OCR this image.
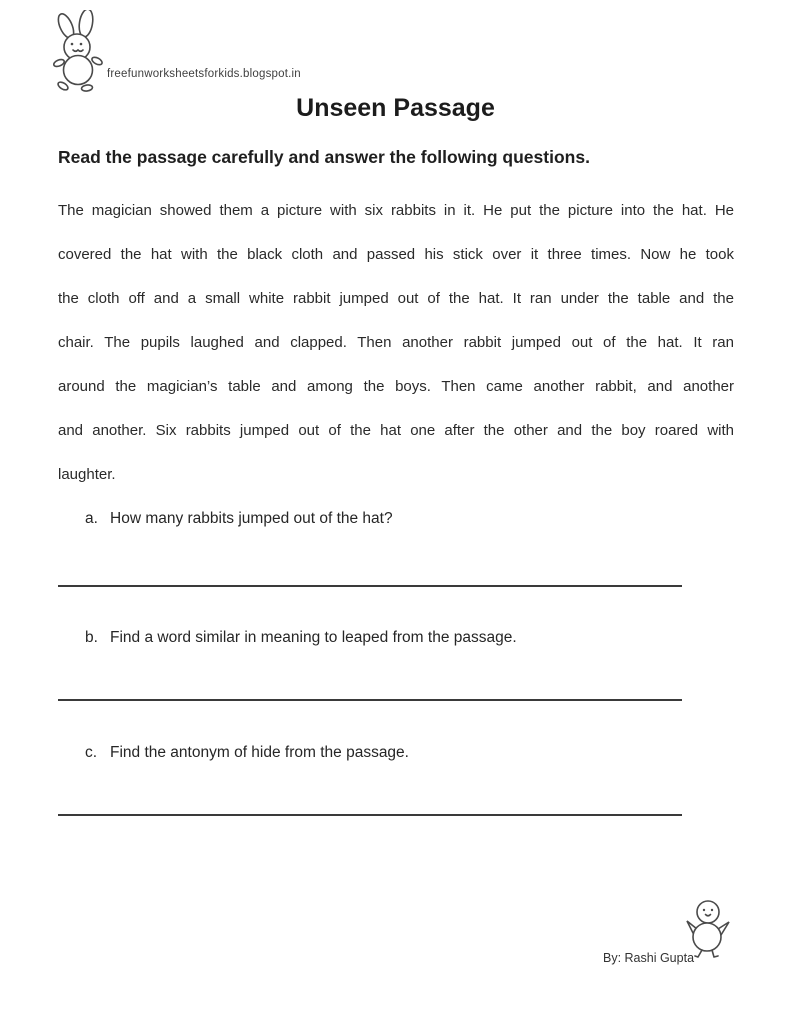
freefunworksheetsforkids.blogspot.in
Unseen Passage
Read the passage carefully and answer the following questions.
The magician showed them a picture with six rabbits in it. He put the picture into the hat. He
covered the hat with the black cloth and passed his stick over it three times. Now he took
the cloth off and a small white rabbit jumped out of the hat. It ran under the table and the
chair. The pupils laughed and clapped. Then another rabbit jumped out of the hat. It ran
around the magician’s table and among the boys. Then came another rabbit, and another
and another. Six rabbits jumped out of the hat one after the other and the boy roared with
laughter.
a. How many rabbits jumped out of the hat?
b. Find a word similar in meaning to leaped from the passage.
c. Find the antonym of hide from the passage.
By: Rashi Gupta
